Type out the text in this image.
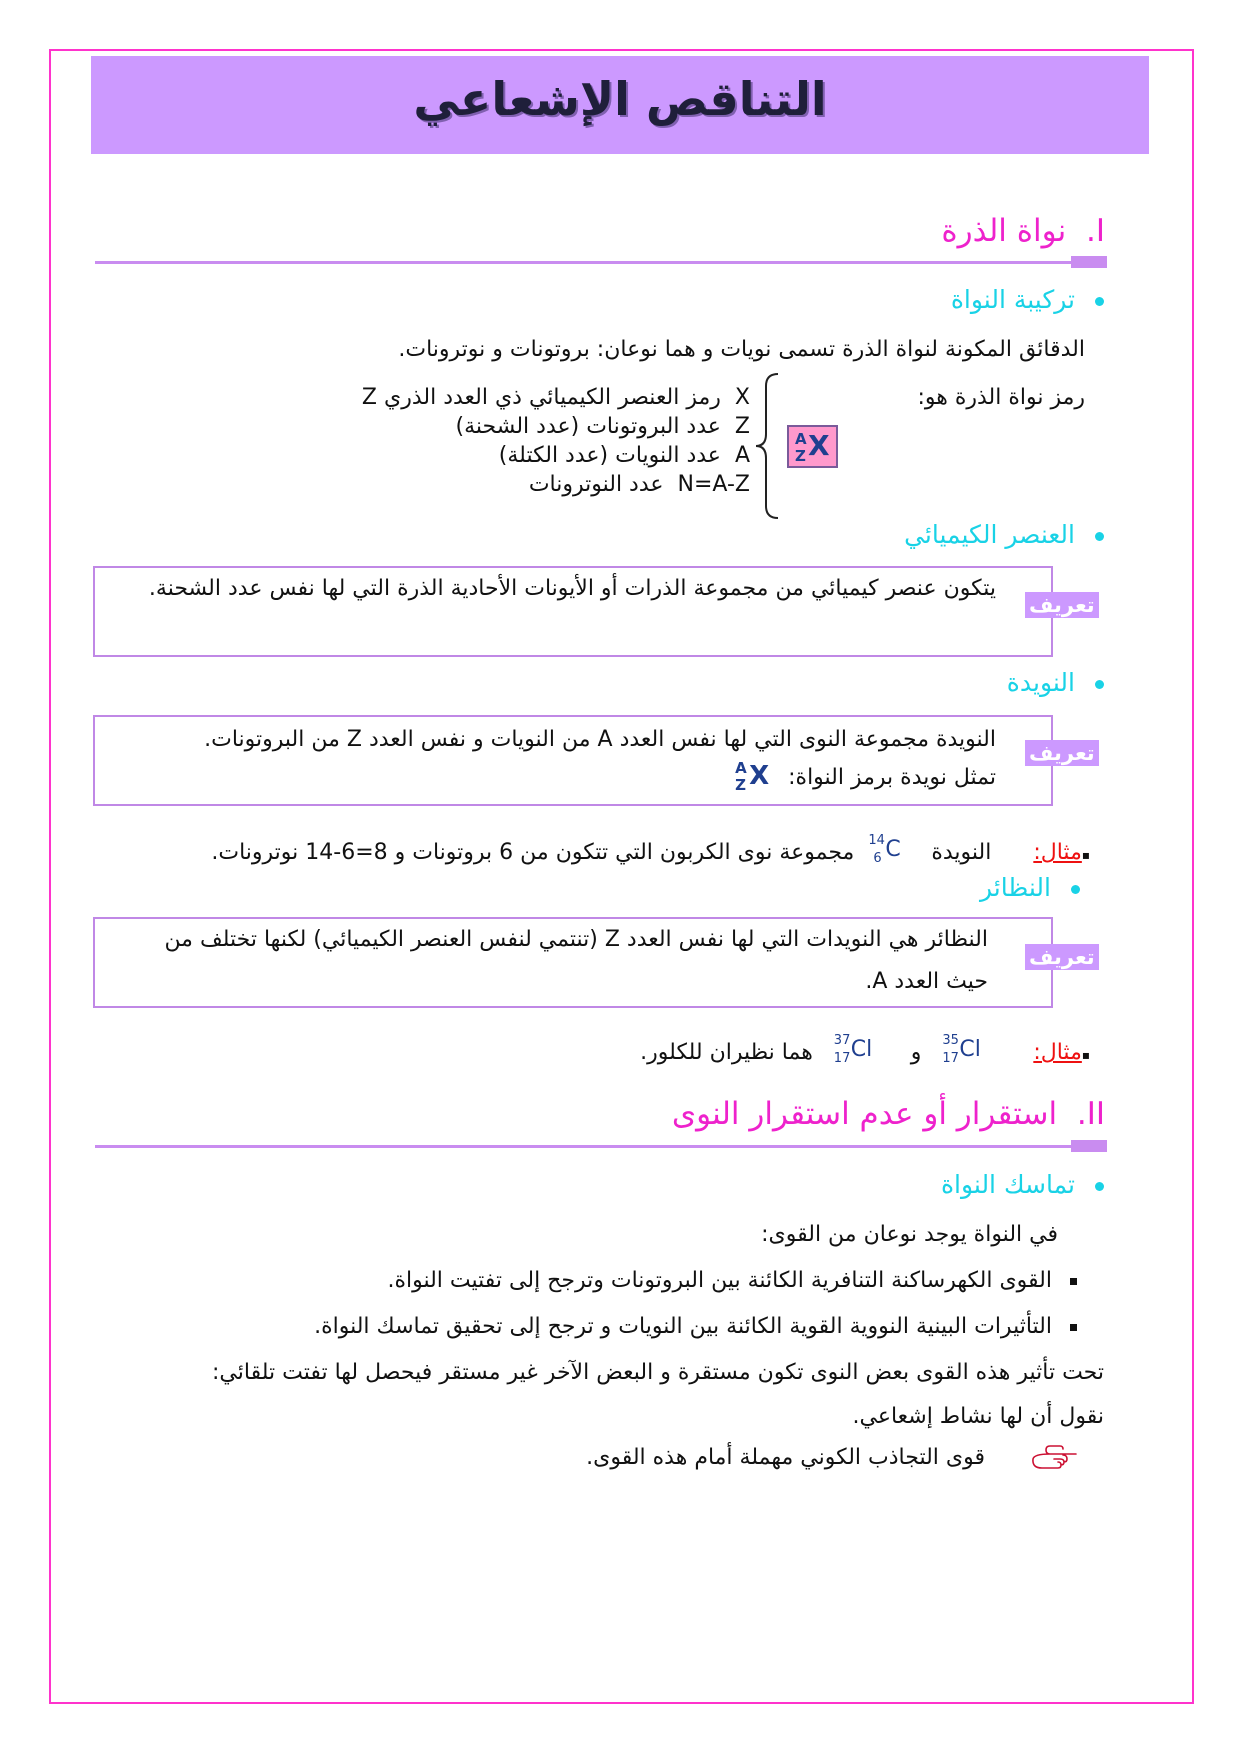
التناقص الإشعاعي
I.  نواة الذرة
تركيبة النواة
الدقائق المكونة لنواة الذرة تسمى نويات و هما نوعان: بروتونات و نوترونات.
رمز نواة الذرة هو:
A
Z X
X  رمز العنصر الكيميائي ذي العدد الذري Z
Z  عدد البروتونات (عدد الشحنة)
A  عدد النويات (عدد الكتلة)
N=A-Z  عدد النوترونات
العنصر الكيميائي
يتكون عنصر كيميائي من مجموعة الذرات أو الأيونات الأحادية الذرة التي لها نفس عدد الشحنة.
تعريف
النويدة
النويدة مجموعة النوى التي لها نفس العدد A من النويات و نفس العدد Z من البروتونات.
تمثل نويدة برمز النواة:
A
Z X
تعريف
▪مثال:      النويدة
14
6 C
مجموعة نوى الكربون التي تتكون من 6 بروتونات و 8=6-14 نوترونات.
النظائر
النظائر هي النويدات التي لها نفس العدد Z (تنتمي لنفس العنصر الكيميائي) لكنها تختلف من حيث العدد A.
تعريف
▪مثال:
35
17 Cl
و
37
17 Cl
هما نظيران للكلور.
II.  استقرار أو عدم استقرار النوى
تماسك النواة
في النواة يوجد نوعان من القوى:
القوى الكهرساكنة التنافرية الكائنة بين البروتونات وترجح إلى تفتيت النواة.
التأثيرات البينية النووية القوية الكائنة بين النويات و ترجح إلى تحقيق تماسك النواة.
تحت تأثير هذه القوى بعض النوى تكون مستقرة و البعض الآخر غير مستقر فيحصل لها تفتت تلقائي:
نقول أن لها نشاط إشعاعي.
قوى التجاذب الكوني مهملة أمام هذه القوى.
